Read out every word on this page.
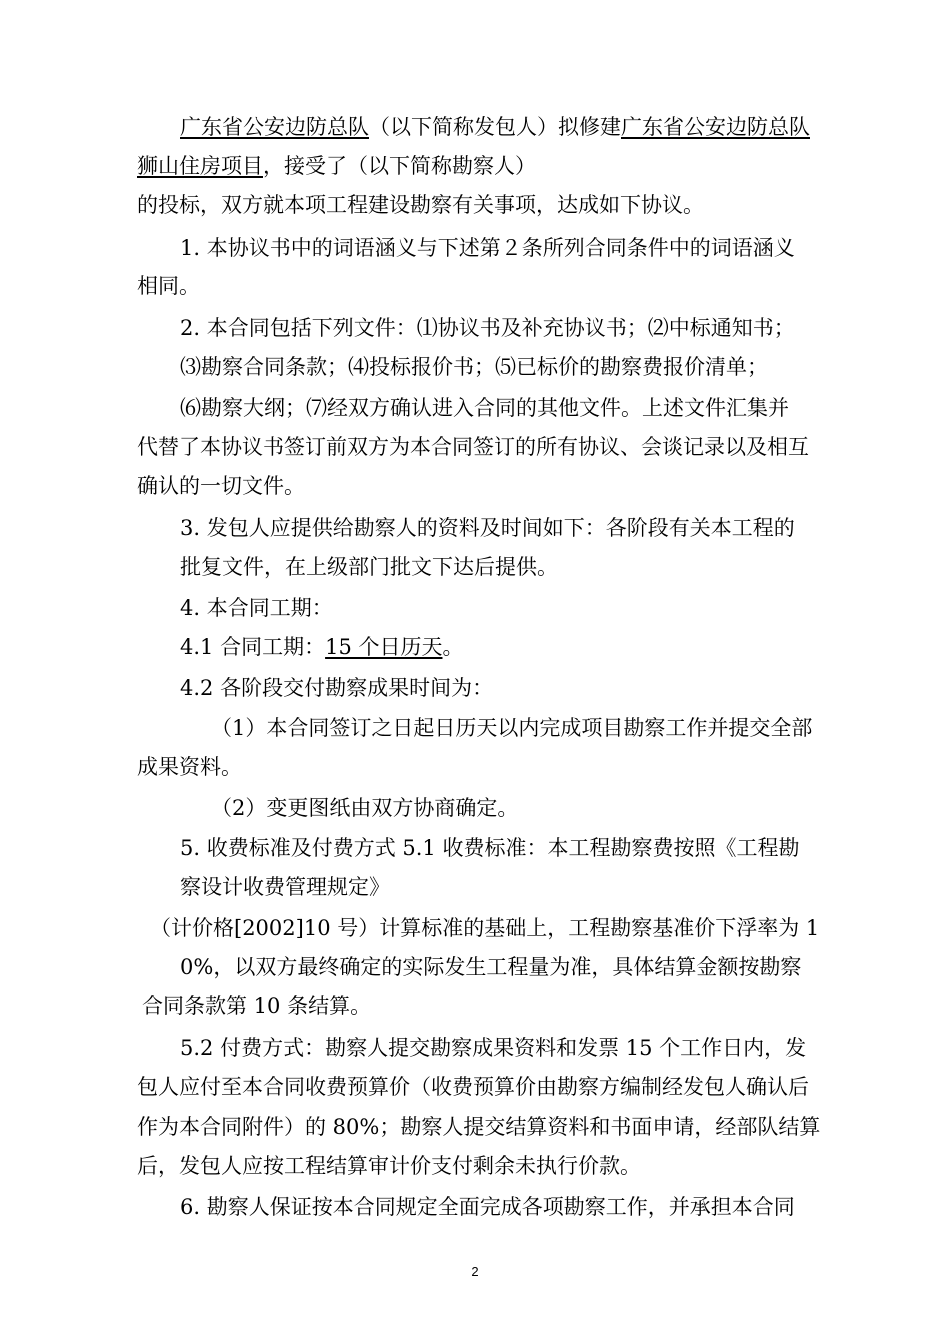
广东省公安边防总队（以下简称发包人）拟修建广东省公安边防总队
狮山住房项目，接受了（以下简称勘察人）
的投标，双方就本项工程建设勘察有关事项，达成如下协议。
1. 本协议书中的词语涵义与下述第２条所列合同条件中的词语涵义
相同。
2. 本合同包括下列文件：⑴协议书及补充协议书；⑵中标通知书；
⑶勘察合同条款；⑷投标报价书；⑸已标价的勘察费报价清单；
⑹勘察大纲；⑺经双方确认进入合同的其他文件。上述文件汇集并
代替了本协议书签订前双方为本合同签订的所有协议、会谈记录以及相互
确认的一切文件。
3. 发包人应提供给勘察人的资料及时间如下：各阶段有关本工程的
批复文件，在上级部门批文下达后提供。
4. 本合同工期：
4.1 合同工期：15 个日历天。
4.2 各阶段交付勘察成果时间为：
（1）本合同签订之日起日历天以内完成项目勘察工作并提交全部
成果资料。
（2）变更图纸由双方协商确定。
5. 收费标准及付费方式 5.1 收费标准：本工程勘察费按照《工程勘
察设计收费管理规定》
（计价格[2002]10 号）计算标准的基础上，工程勘察基准价下浮率为 1
0%，以双方最终确定的实际发生工程量为准，具体结算金额按勘察
合同条款第 10 条结算。
5.2 付费方式：勘察人提交勘察成果资料和发票 15 个工作日内，发
包人应付至本合同收费预算价（收费预算价由勘察方编制经发包人确认后
作为本合同附件）的 80%；勘察人提交结算资料和书面申请，经部队结算
后，发包人应按工程结算审计价支付剩余未执行价款。
6. 勘察人保证按本合同规定全面完成各项勘察工作，并承担本合同
2
